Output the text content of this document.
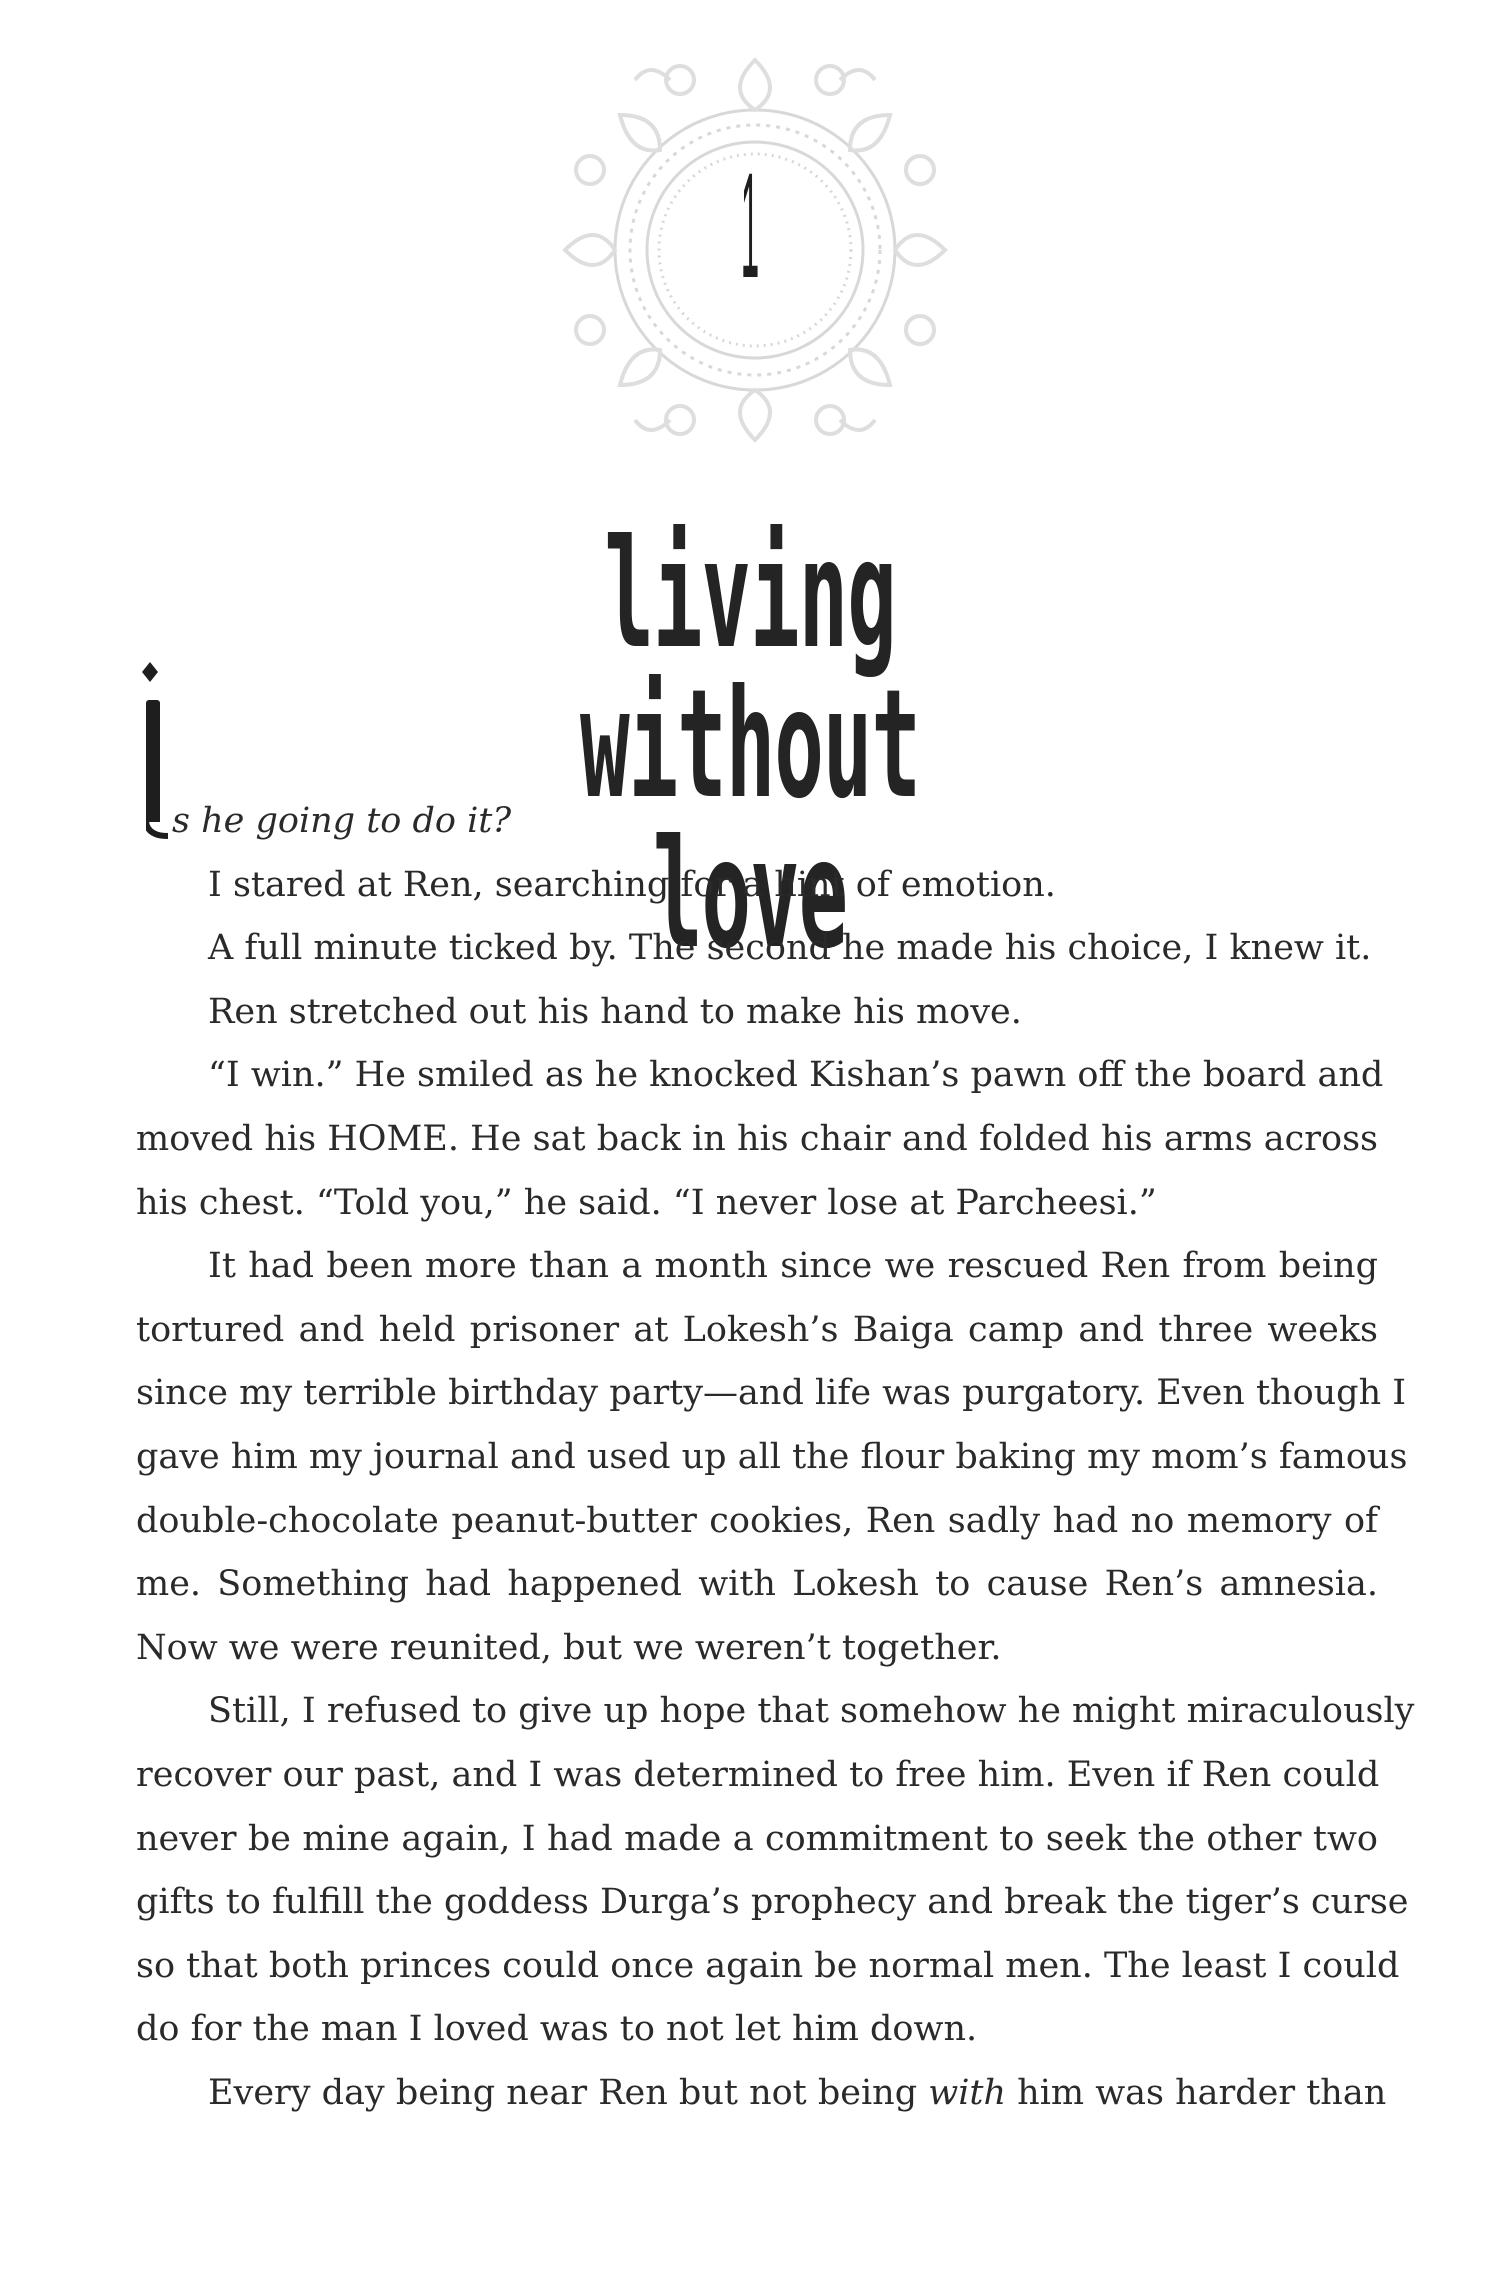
1
living without love
s he going to do it?
I stared at Ren, searching for a hint of emotion.
A full minute ticked by. The second he made his choice, I knew it.
Ren stretched out his hand to make his move.
“I win.” He smiled as he knocked Kishan’s pawn off the board and
moved his HOME. He sat back in his chair and folded his arms across
his chest. “Told you,” he said. “I never lose at Parcheesi.”
It had been more than a month since we rescued Ren from being
tortured and held prisoner at Lokesh’s Baiga camp and three weeks
since my terrible birthday party—and life was purgatory. Even though I
gave him my journal and used up all the flour baking my mom’s famous
double-chocolate peanut-butter cookies, Ren sadly had no memory of
me. Something had happened with Lokesh to cause Ren’s amnesia.
Now we were reunited, but we weren’t together.
Still, I refused to give up hope that somehow he might miraculously
recover our past, and I was determined to free him. Even if Ren could
never be mine again, I had made a commitment to seek the other two
gifts to fulfill the goddess Durga’s prophecy and break the tiger’s curse
so that both princes could once again be normal men. The least I could
do for the man I loved was to not let him down.
Every day being near Ren but not being with him was harder than
